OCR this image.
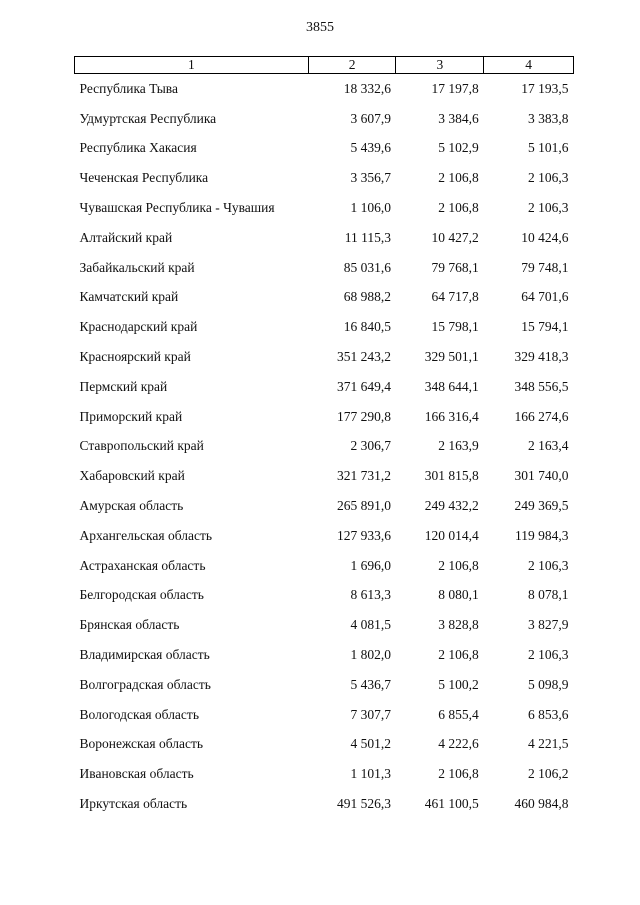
3855
1	2	3	4
Республика Тыва	18 332,6	17 197,8	17 193,5
Удмуртская Республика	3 607,9	3 384,6	3 383,8
Республика Хакасия	5 439,6	5 102,9	5 101,6
Чеченская Республика	3 356,7	2 106,8	2 106,3
Чувашская Республика - Чувашия	1 106,0	2 106,8	2 106,3
Алтайский край	11 115,3	10 427,2	10 424,6
Забайкальский край	85 031,6	79 768,1	79 748,1
Камчатский край	68 988,2	64 717,8	64 701,6
Краснодарский край	16 840,5	15 798,1	15 794,1
Красноярский край	351 243,2	329 501,1	329 418,3
Пермский край	371 649,4	348 644,1	348 556,5
Приморский край	177 290,8	166 316,4	166 274,6
Ставропольский край	2 306,7	2 163,9	2 163,4
Хабаровский край	321 731,2	301 815,8	301 740,0
Амурская область	265 891,0	249 432,2	249 369,5
Архангельская область	127 933,6	120 014,4	119 984,3
Астраханская область	1 696,0	2 106,8	2 106,3
Белгородская область	8 613,3	8 080,1	8 078,1
Брянская область	4 081,5	3 828,8	3 827,9
Владимирская область	1 802,0	2 106,8	2 106,3
Волгоградская область	5 436,7	5 100,2	5 098,9
Вологодская область	7 307,7	6 855,4	6 853,6
Воронежская область	4 501,2	4 222,6	4 221,5
Ивановская область	1 101,3	2 106,8	2 106,2
Иркутская область	491 526,3	461 100,5	460 984,8
